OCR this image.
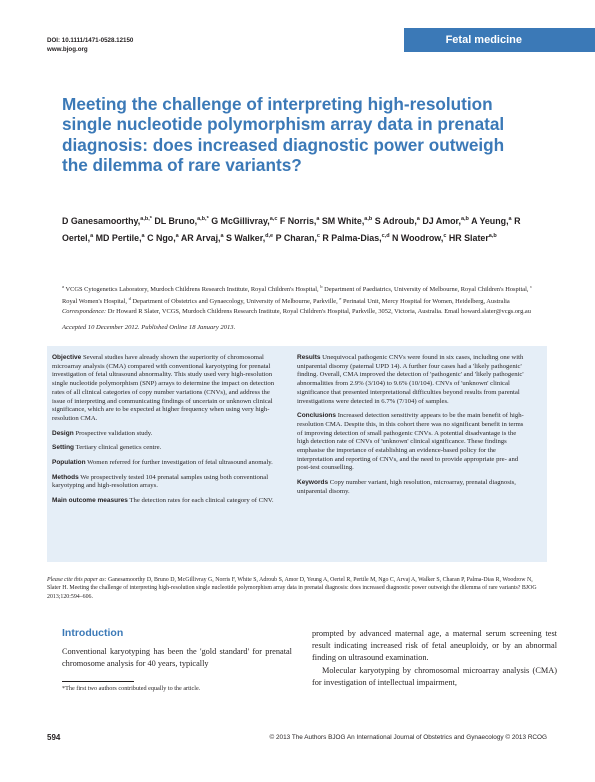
DOI: 10.1111/1471-0528.12150
www.bjog.org
Fetal medicine
Meeting the challenge of interpreting high-resolution single nucleotide polymorphism array data in prenatal diagnosis: does increased diagnostic power outweigh the dilemma of rare variants?
D Ganesamoorthy,$^{a,b,*}$ DL Bruno,$^{a,b,*}$ G McGillivray,$^{a,c}$ F Norris,$^a$ SM White,$^{a,b}$ S Adroub,$^a$ DJ Amor,$^{a,b}$ A Yeung,$^a$ R Oertel,$^a$ MD Pertile,$^a$ C Ngo,$^a$ AR Arvaj,$^a$ S Walker,$^{d,e}$ P Charan,$^c$ R Palma-Dias,$^{c,d}$ N Woodrow,$^c$ HR Slater$^{a,b}$
$^a$ VCGS Cytogenetics Laboratory, Murdoch Childrens Research Institute, Royal Children's Hospital, $^b$ Department of Paediatrics, University of Melbourne, Royal Children's Hospital, $^c$ Royal Women's Hospital, $^d$ Department of Obstetrics and Gynaecology, University of Melbourne, Parkville, $^e$ Perinatal Unit, Mercy Hospital for Women, Heidelberg, Australia
Correspondence: Dr Howard R Slater, VCGS, Murdoch Childrens Research Institute, Royal Children's Hospital, Parkville, 3052, Victoria, Australia. Email howard.slater@vcgs.org.au
Accepted 10 December 2012. Published Online 18 January 2013.

Objective Several studies have already shown the superiority of chromosomal microarray analysis (CMA) compared with conventional karyotyping for prenatal investigation of fetal ultrasound abnormality. This study used very high-resolution single nucleotide polymorphism (SNP) arrays to determine the impact on detection rates of all clinical categories of copy number variations (CNVs), and address the issue of interpreting and communicating findings of uncertain or unknown clinical significance, which are to be expected at higher frequency when using very high-resolution CMA.

Design Prospective validation study.

Setting Tertiary clinical genetics centre.

Population Women referred for further investigation of fetal ultrasound anomaly.

Methods We prospectively tested 104 prenatal samples using both conventional karyotyping and high-resolution arrays.

Main outcome measures The detection rates for each clinical category of CNV.

Results Unequivocal pathogenic CNVs were found in six cases, including one with uniparental disomy (paternal UPD 14). A further four cases had a 'likely pathogenic' finding. Overall, CMA improved the detection of 'pathogenic' and 'likely pathogenic' abnormalities from 2.9% (3/104) to 9.6% (10/104). CNVs of 'unknown' clinical significance that presented interpretational difficulties beyond results from parental investigations were detected in 6.7% (7/104) of samples.

Conclusions Increased detection sensitivity appears to be the main benefit of high-resolution CMA. Despite this, in this cohort there was no significant benefit in terms of improving detection of small pathogenic CNVs. A potential disadvantage is the high detection rate of CNVs of 'unknown' clinical significance. These findings emphasise the importance of establishing an evidence-based policy for the interpretation and reporting of CNVs, and the need to provide appropriate pre- and post-test counselling.

Keywords Copy number variant, high resolution, microarray, prenatal diagnosis, uniparental disomy.

Please cite this paper as: Ganesamoorthy D, Bruno D, McGillivray G, Norris F, White S, Adroub S, Amor D, Yeung A, Oertel R, Pertile M, Ngo C, Arvaj A, Walker S, Charan P, Palma-Dias R, Woodrow N, Slater H. Meeting the challenge of interpreting high-resolution single nucleotide polymorphism array data in prenatal diagnosis: does increased diagnostic power outweigh the dilemma of rare variants? BJOG 2013;120:594–606.
Introduction
Conventional karyotyping has been the 'gold standard' for prenatal chromosome analysis for 40 years, typically
prompted by advanced maternal age, a maternal serum screening test result indicating increased risk of fetal aneuploidy, or by an abnormal finding on ultrasound examination.
Molecular karyotyping by chromosomal microarray analysis (CMA) for investigation of intellectual impairment,
*The first two authors contributed equally to the article.
594	© 2013 The Authors BJOG An International Journal of Obstetrics and Gynaecology © 2013 RCOG
